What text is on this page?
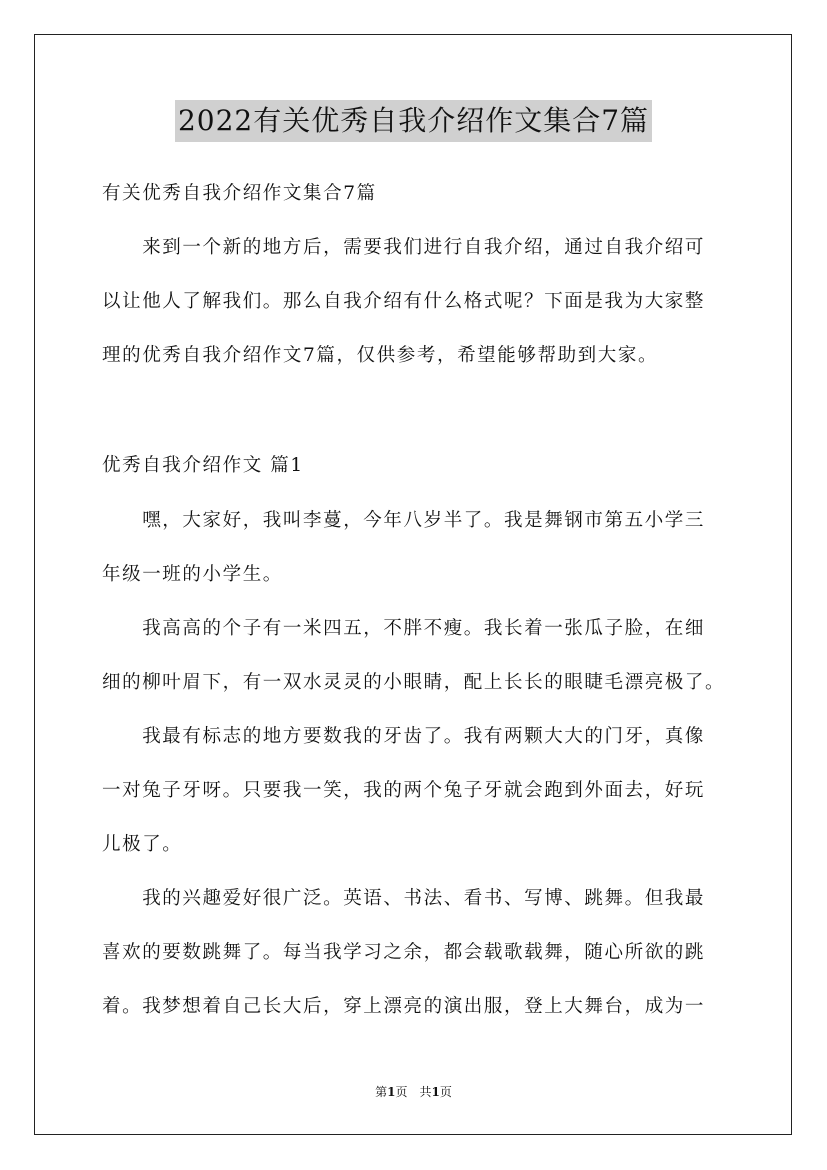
2022有关优秀自我介绍作文集合7篇
有关优秀自我介绍作文集合7篇
　　来到一个新的地方后，需要我们进行自我介绍，通过自我介绍可
以让他人了解我们。那么自我介绍有什么格式呢？下面是我为大家整
理的优秀自我介绍作文7篇，仅供参考，希望能够帮助到大家。
优秀自我介绍作文 篇1
　　嘿，大家好，我叫李蔓，今年八岁半了。我是舞钢市第五小学三
年级一班的小学生。
　　我高高的个子有一米四五，不胖不瘦。我长着一张瓜子脸，在细
细的柳叶眉下，有一双水灵灵的小眼睛，配上长长的眼睫毛漂亮极了。
　　我最有标志的地方要数我的牙齿了。我有两颗大大的门牙，真像
一对兔子牙呀。只要我一笑，我的两个兔子牙就会跑到外面去，好玩
儿极了。
　　我的兴趣爱好很广泛。英语、书法、看书、写博、跳舞。但我最
喜欢的要数跳舞了。每当我学习之余，都会载歌载舞，随心所欲的跳
着。我梦想着自己长大后，穿上漂亮的演出服，登上大舞台，成为一
第1页　共1页
